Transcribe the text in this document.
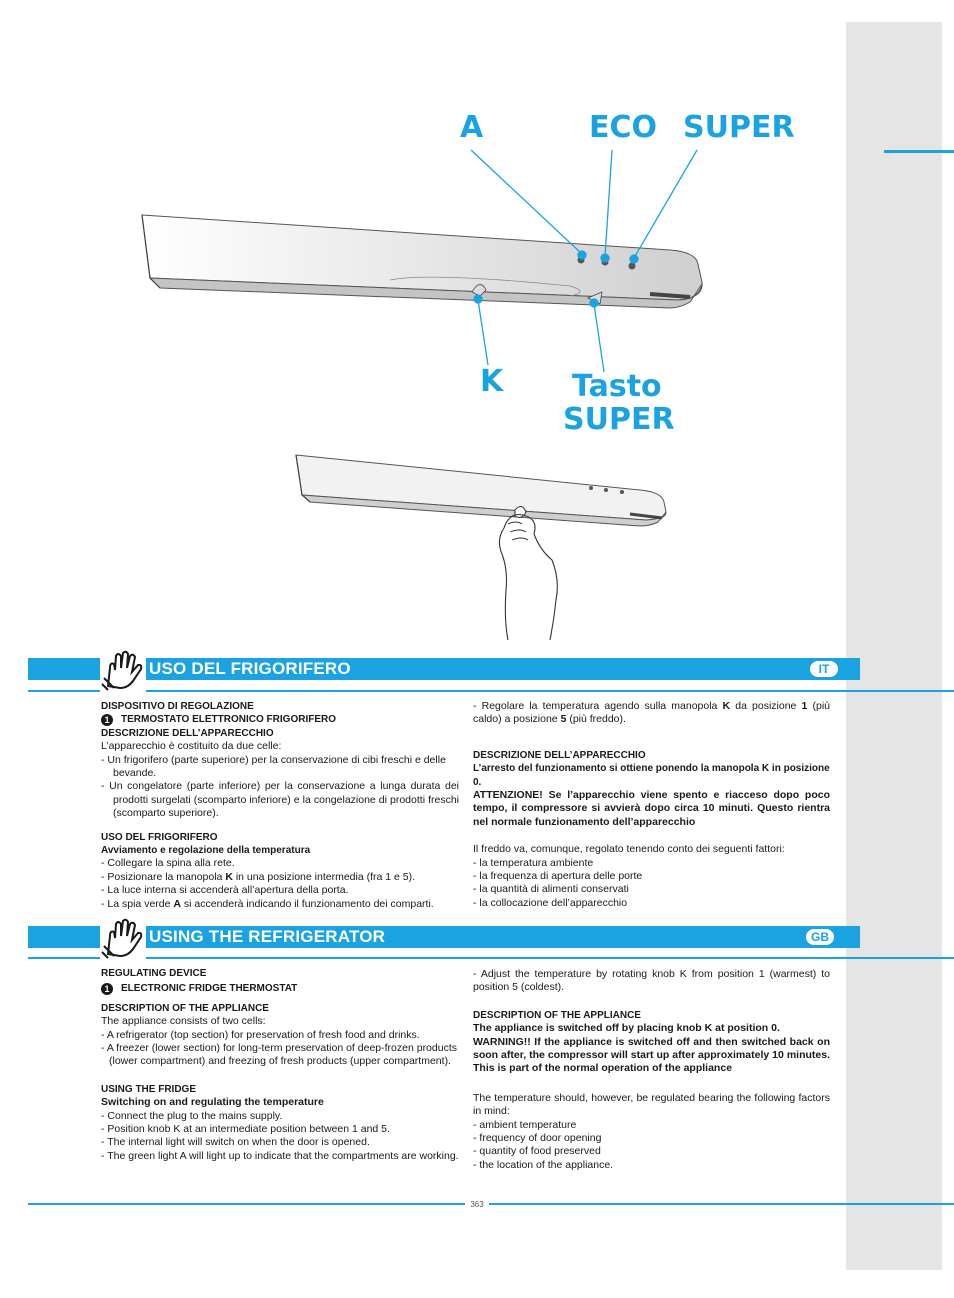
A	ECO SUPER
K Tasto
SUPER
USO DEL FRIGORIFERO	IT

DISPOSITIVO DI REGOLAZIONE

1 TERMOSTATO ELETTRONICO FRIGORIFERO

DESCRIZIONE DELL’APPARECCHIO

L’apparecchio è costituito da due celle:

- Un frigorifero (parte superiore) per la conservazione di cibi freschi e delle bevande.

- Un congelatore (parte inferiore) per la conservazione a lunga durata dei prodotti surgelati (scomparto inferiore) e la congelazione di prodotti freschi (scomparto superiore).

USO DEL FRIGORIFERO

Avviamento e regolazione della temperatura

- Collegare la spina alla rete.

- Posizionare la manopola K in una posizione intermedia (fra 1 e 5).

- La luce interna si accenderà all’apertura della porta.

- La spia verde A si accenderà indicando il funzionamento dei comparti.

- Regolare la temperatura agendo sulla manopola K da posizione 1 (più caldo) a posizione 5 (più freddo).

DESCRIZIONE DELL’APPARECCHIO

L’arresto del funzionamento si ottiene ponendo la manopola K in posizione 0.

ATTENZIONE! Se l’apparecchio viene spento e riacceso dopo poco tempo, il compressore si avvierà dopo circa 10 minuti. Questo rientra nel normale funzionamento dell’apparecchio

Il freddo va, comunque, regolato tenendo conto dei seguenti fattori:

- la temperatura ambiente

- la frequenza di apertura delle porte

- la quantità di alimenti conservati

- la collocazione dell’apparecchio

USING THE REFRIGERATOR	GB

REGULATING DEVICE

1 ELECTRONIC FRIDGE THERMOSTAT

DESCRIPTION OF THE APPLIANCE

The appliance consists of two cells:

- A refrigerator (top section) for preservation of fresh food and drinks.

- A freezer (lower section) for long-term preservation of deep-frozen products (lower compartment) and freezing of fresh products (upper compartment).

USING THE FRIDGE

Switching on and regulating the temperature

- Connect the plug to the mains supply.

- Position knob K at an intermediate position between 1 and 5.

- The internal light will switch on when the door is opened.

- The green light A will light up to indicate that the compartments are working.

- Adjust the temperature by rotating knob K from position 1 (warmest) to position 5 (coldest).

DESCRIPTION OF THE APPLIANCE

The appliance is switched off by placing knob K at position 0.

WARNING!! If the appliance is switched off and then switched back on soon after, the compressor will start up after approximately 10 minutes. This is part of the normal operation of the appliance

The temperature should, however, be regulated bearing the following factors in mind:

- ambient temperature

- frequency of door opening

- quantity of food preserved

- the location of the appliance.

363
